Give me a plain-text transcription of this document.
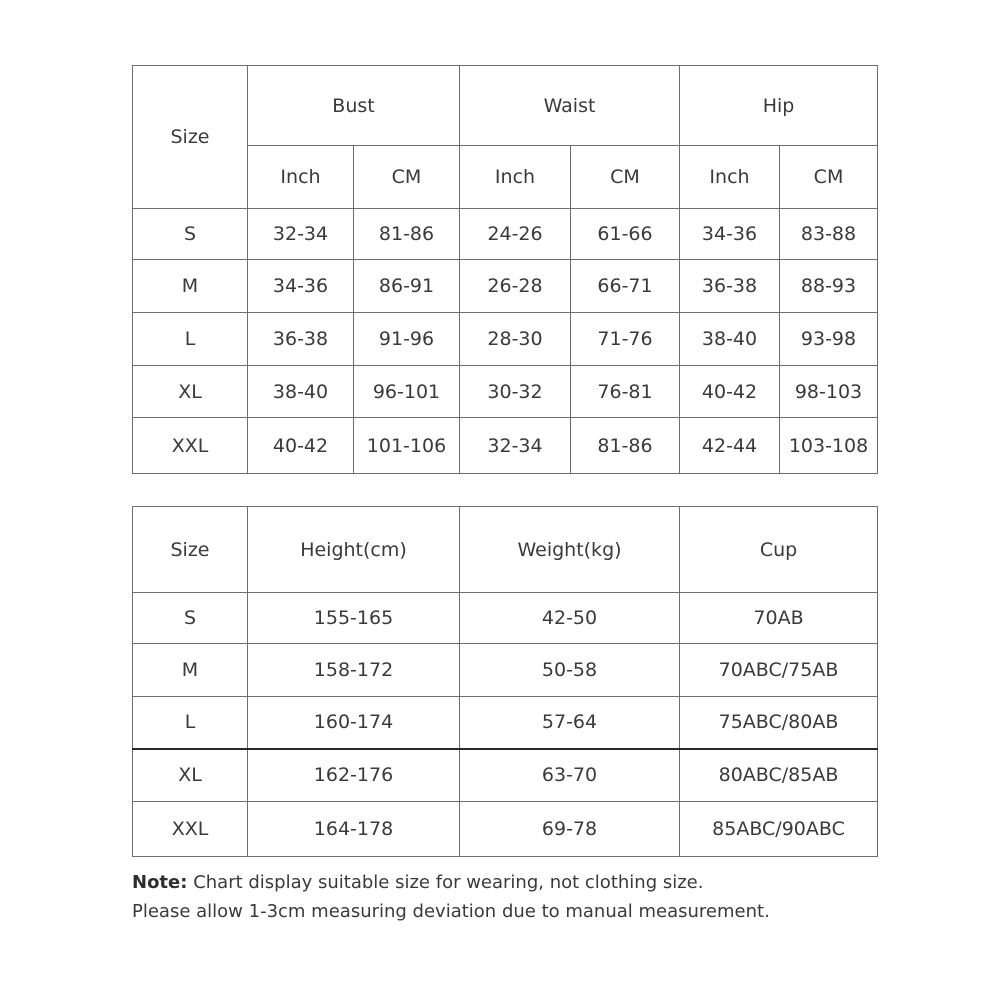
Size	Bust		Waist		Hip	
	Inch	CM	Inch	CM	Inch	CM
S	32-34	81-86	24-26	61-66	34-36	83-88
M	34-36	86-91	26-28	66-71	36-38	88-93
L	36-38	91-96	28-30	71-76	38-40	93-98
XL	38-40	96-101	30-32	76-81	40-42	98-103
XXL	40-42	101-106	32-34	81-86	42-44	103-108
Size	Height(cm)	Weight(kg)	Cup
S	155-165	42-50	70AB
M	158-172	50-58	70ABC/75AB
L	160-174	57-64	75ABC/80AB
XL	162-176	63-70	80ABC/85AB
XXL	164-178	69-78	85ABC/90ABC
Note: Chart display suitable size for wearing, not clothing size.
Please allow 1-3cm measuring deviation due to manual measurement.
